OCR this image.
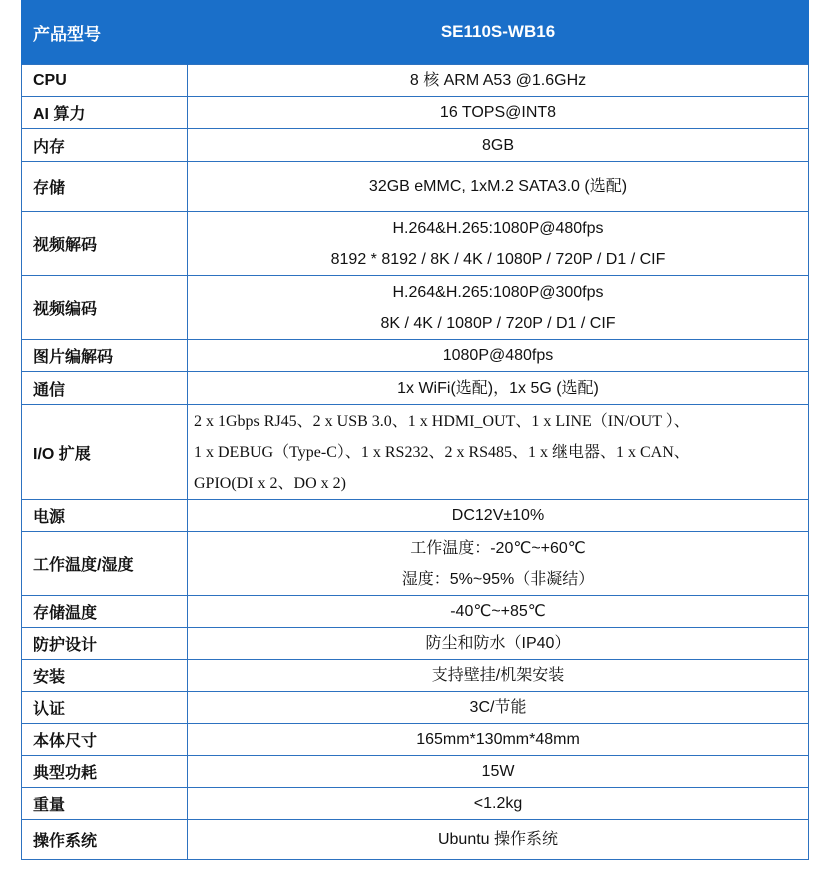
产品型号	SE110S-WB16
CPU	8 核 ARM A53 @1.6GHz

AI 算力	16 TOPS@INT8

内存	8GB

存储	32GB eMMC, 1xM.2 SATA3.0 (选配)

视频解码	H.264&H.265:1080P@480fps
8192 * 8192 / 8K / 4K / 1080P / 720P / D1 / CIF

视频编码	H.264&H.265:1080P@300fps
8K / 4K / 1080P / 720P / D1 / CIF

图片编解码	1080P@480fps

通信	1x WiFi(选配)，1x 5G (选配)

I/O 扩展	2 x 1Gbps RJ45、2 x USB 3.0、1 x HDMI_OUT、1 x LINE（IN/OUT ）、
1 x DEBUG（Type-C）、1 x RS232、2 x RS485、1 x 继电器、1 x CAN、
GPIO(DI x 2、DO x 2)

电源	DC12V±10%

工作温度/湿度	工作温度：-20℃~+60℃
湿度：5%~95%（非凝结）

存储温度	-40℃~+85℃

防护设计	防尘和防水（IP40）

安装	支持壁挂/机架安装

认证	3C/节能

本体尺寸	165mm*130mm*48mm

典型功耗	15W

重量	<1.2kg

操作系统	Ubuntu 操作系统
